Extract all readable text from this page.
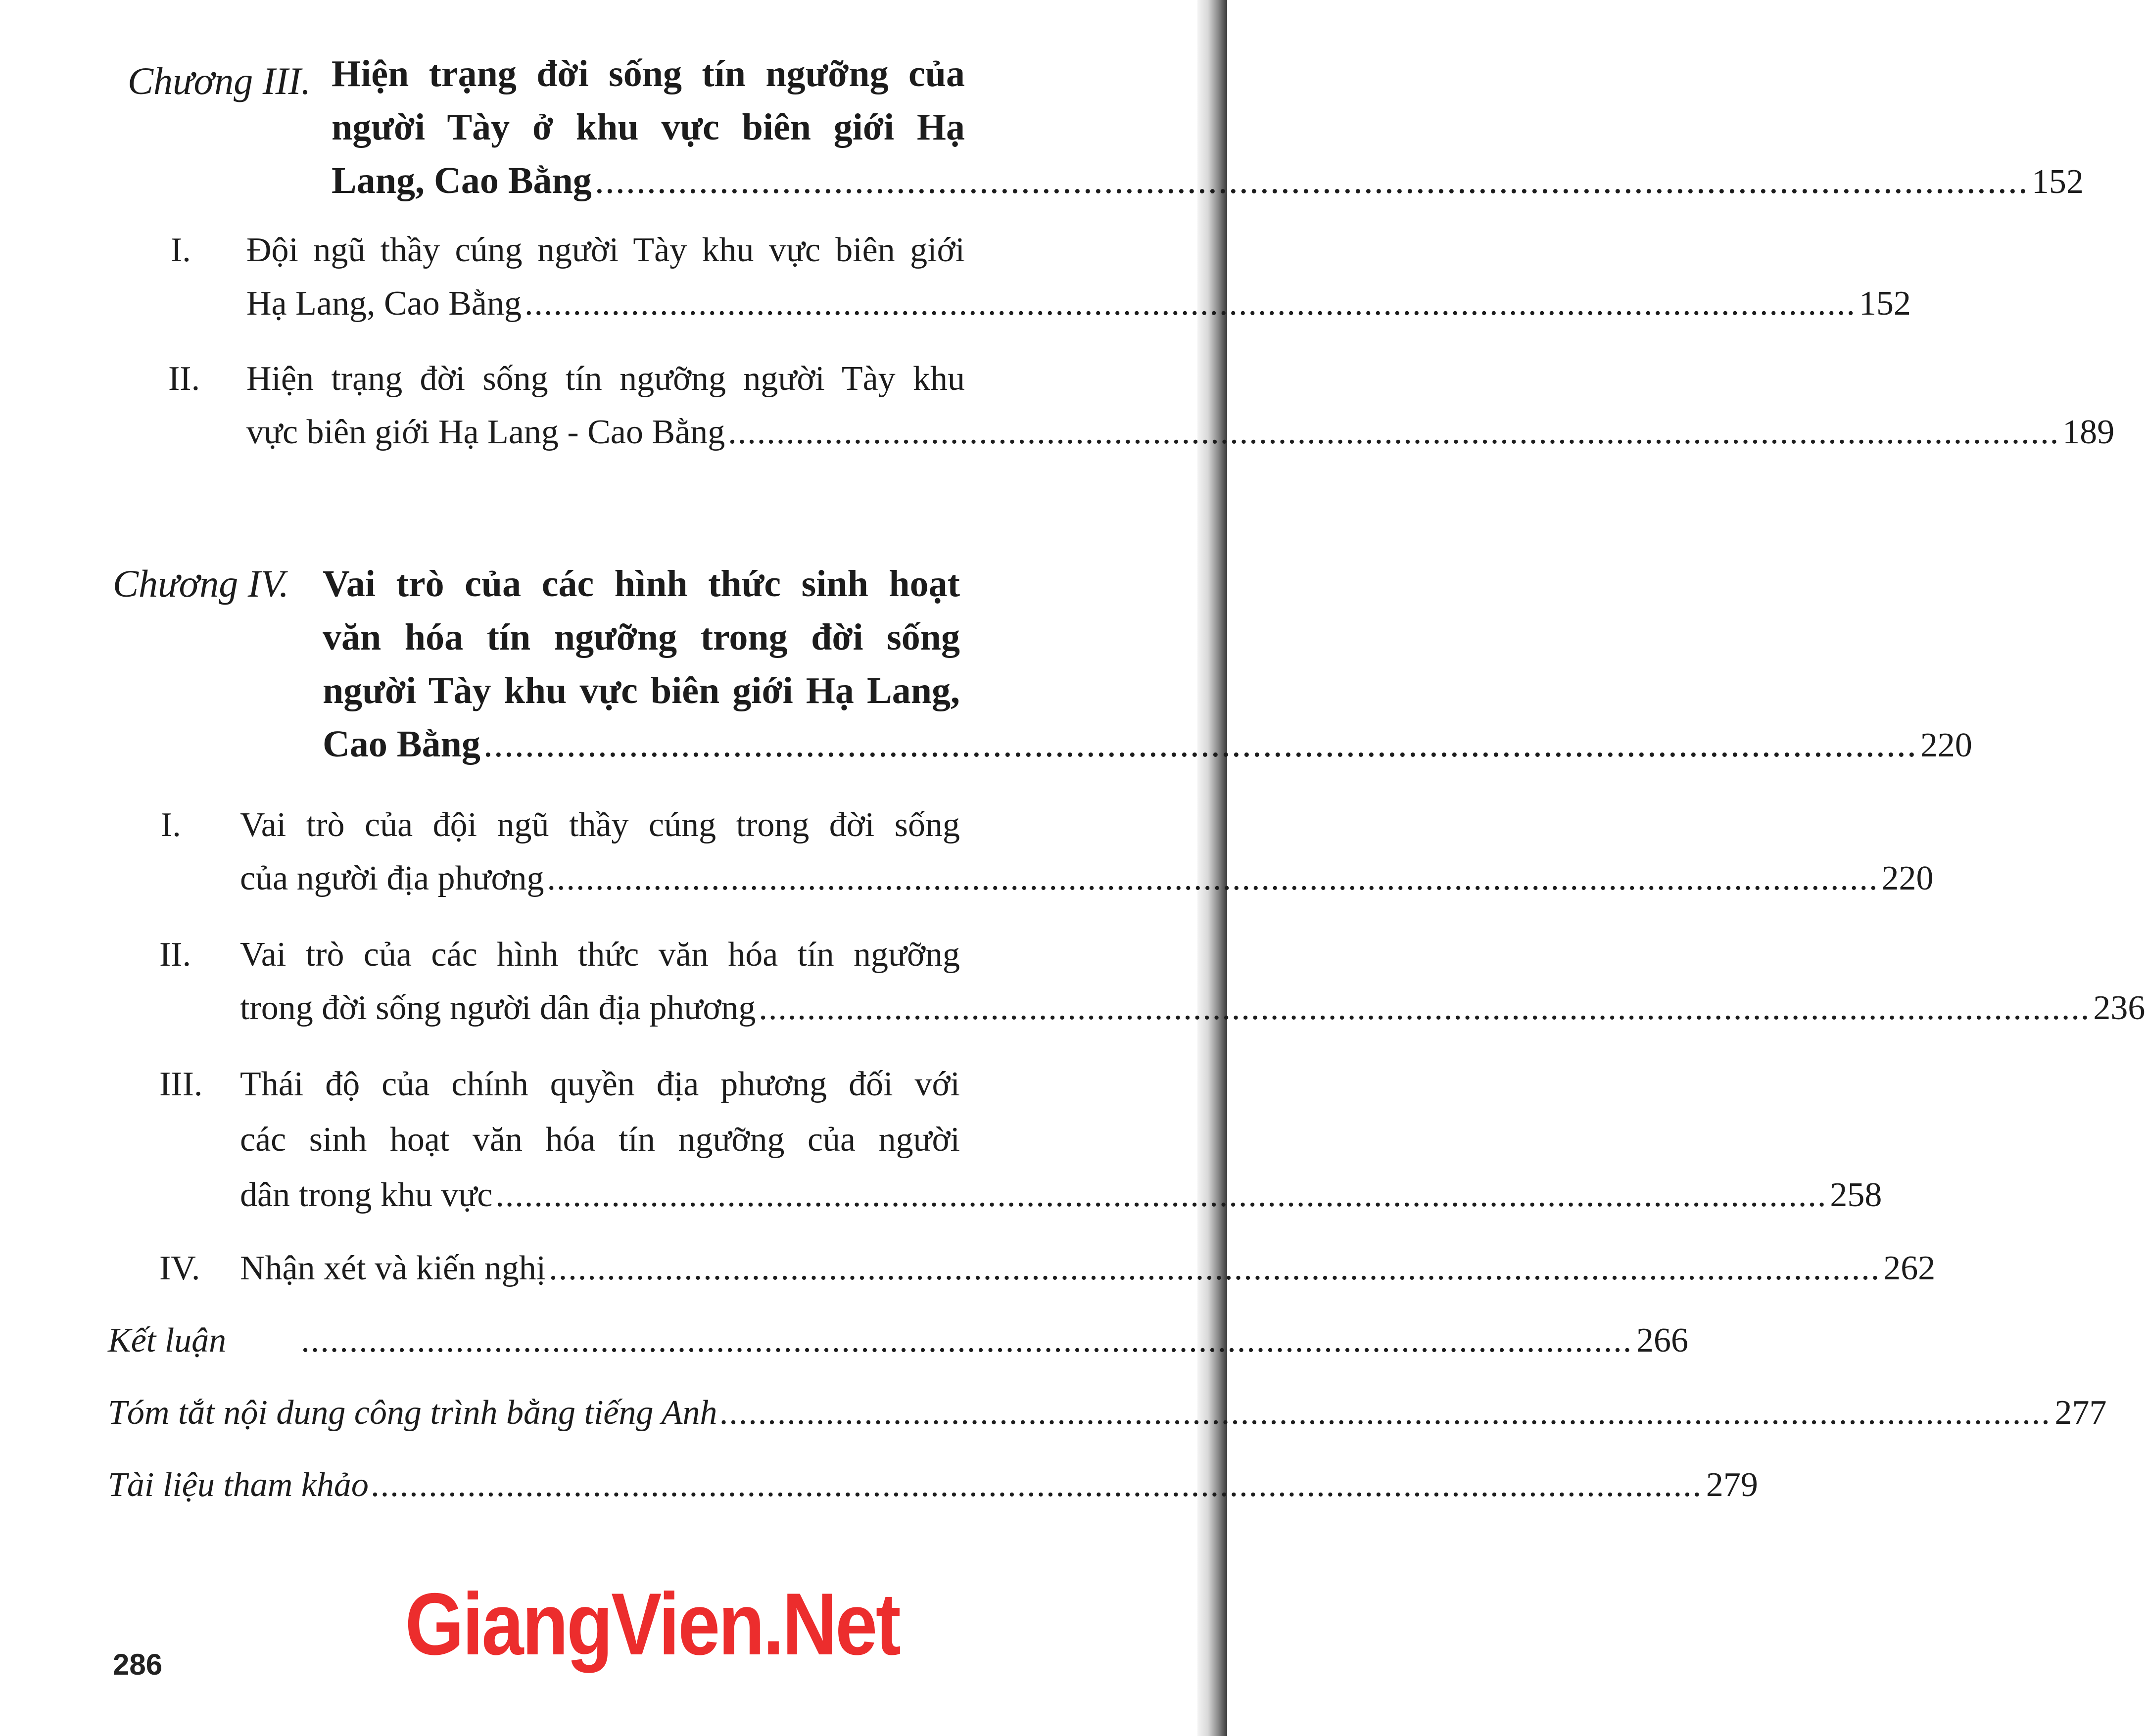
Chương III. Hiện trạng đời sống tín ngưỡng của
người Tày ở khu vực biên giới Hạ
Lang, Cao Bằng .......................................................................................................................................... 152
I. Đội ngũ thầy cúng người Tày khu vực biên giới
Hạ Lang, Cao Bằng .......................................................................................................................................... 152
II. Hiện trạng đời sống tín ngưỡng người Tày khu
vực biên giới Hạ Lang - Cao Bằng .......................................................................................................................................... 189
Chương IV. Vai trò của các hình thức sinh hoạt
văn hóa tín ngưỡng trong đời sống
người Tày khu vực biên giới Hạ Lang,
Cao Bằng .......................................................................................................................................... 220
I. Vai trò của đội ngũ thầy cúng trong đời sống
của người địa phương .......................................................................................................................................... 220
II. Vai trò của các hình thức văn hóa tín ngưỡng
trong đời sống người dân địa phương .......................................................................................................................................... 236
III. Thái độ của chính quyền địa phương đối với
các sinh hoạt văn hóa tín ngưỡng của người
dân trong khu vực .......................................................................................................................................... 258
IV. Nhận xét và kiến nghị .......................................................................................................................................... 262
Kết luận .......................................................................................................................................... 266
Tóm tắt nội dung công trình bằng tiếng Anh .......................................................................................................................................... 277
Tài liệu tham khảo .......................................................................................................................................... 279
GiangVien.Net
286
